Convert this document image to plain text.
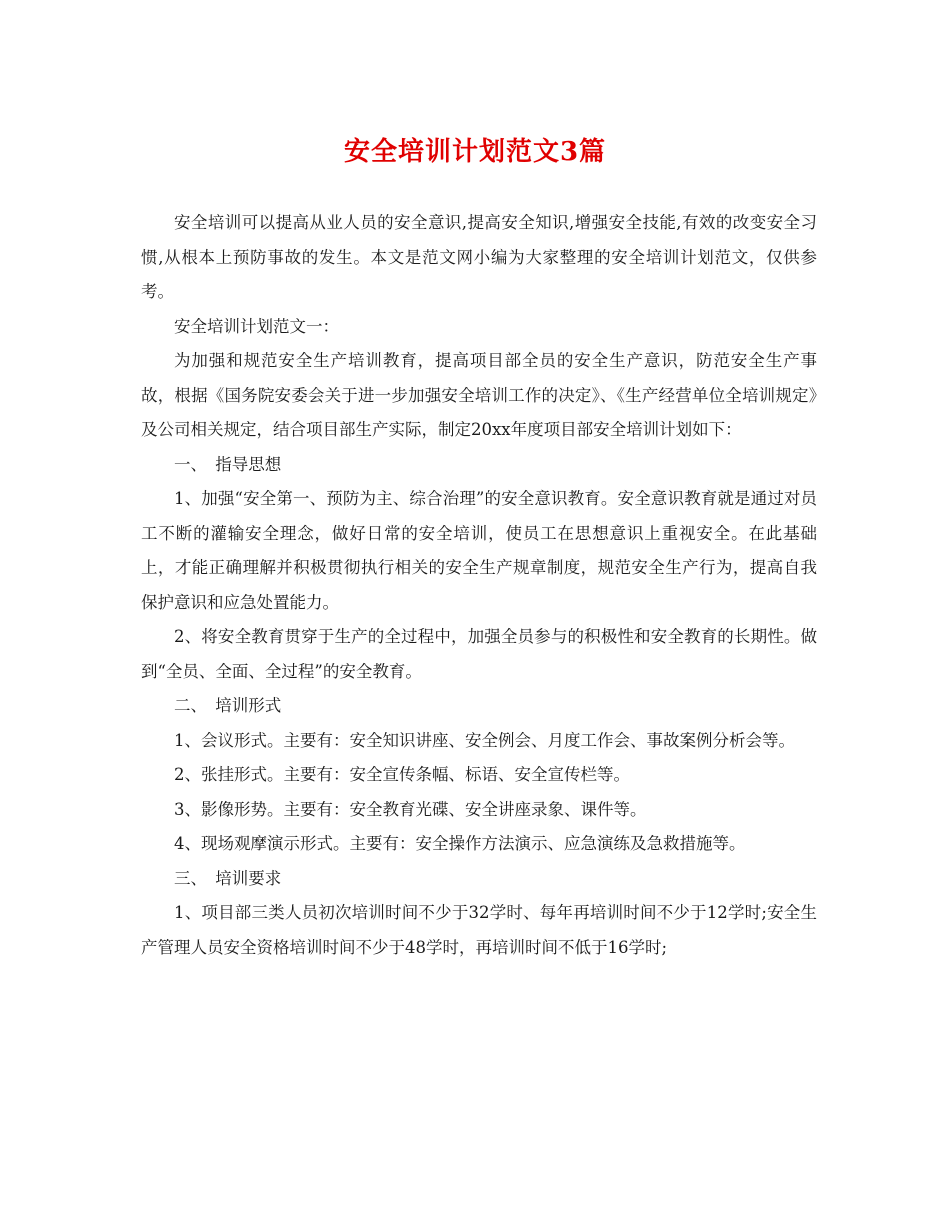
安全培训计划范文3篇

安全培训可以提高从业人员的安全意识,提高安全知识,增强安全技能,有效的改变安全习惯,从根本上预防事故的发生。本文是范文网小编为大家整理的安全培训计划范文，仅供参考。

安全培训计划范文一：

为加强和规范安全生产培训教育，提高项目部全员的安全生产意识，防范安全生产事故，根据《国务院安委会关于进一步加强安全培训工作的决定》、《生产经营单位全培训规定》及公司相关规定，结合项目部生产实际，制定20xx年度项目部安全培训计划如下：

一、　指导思想

1、加强“安全第一、预防为主、综合治理”的安全意识教育。安全意识教育就是通过对员工不断的灌输安全理念，做好日常的安全培训，使员工在思想意识上重视安全。在此基础上，才能正确理解并积极贯彻执行相关的安全生产规章制度，规范安全生产行为，提高自我保护意识和应急处置能力。

2、将安全教育贯穿于生产的全过程中，加强全员参与的积极性和安全教育的长期性。做到“全员、全面、全过程”的安全教育。

二、　培训形式

1、会议形式。主要有：安全知识讲座、安全例会、月度工作会、事故案例分析会等。

2、张挂形式。主要有：安全宣传条幅、标语、安全宣传栏等。

3、影像形势。主要有：安全教育光碟、安全讲座录象、课件等。

4、现场观摩演示形式。主要有：安全操作方法演示、应急演练及急救措施等。

三、　培训要求

1、项目部三类人员初次培训时间不少于32学时、每年再培训时间不少于12学时;安全生产管理人员安全资格培训时间不少于48学时，再培训时间不低于16学时;
